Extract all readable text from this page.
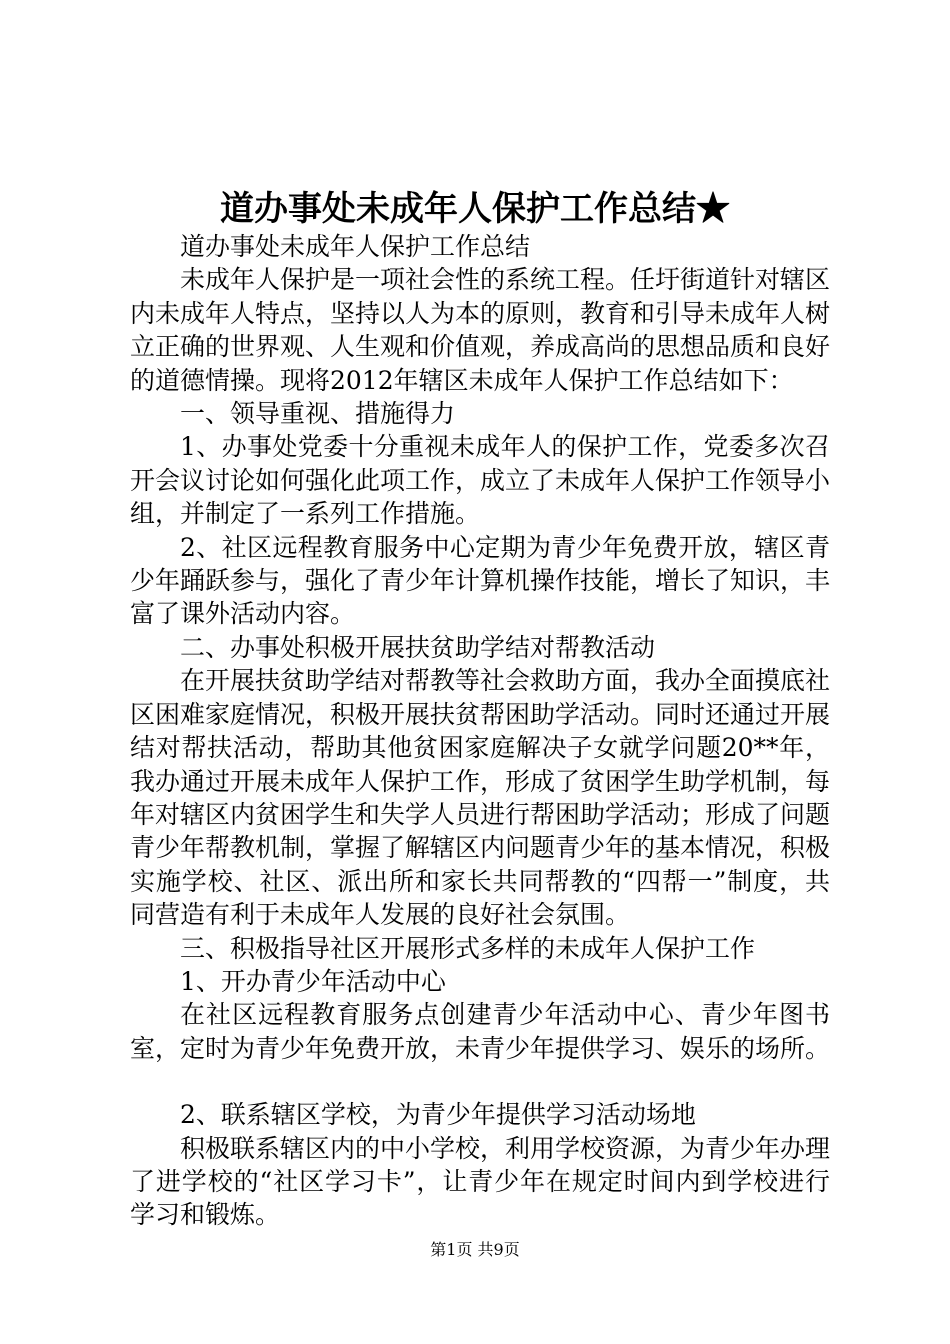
道办事处未成年人保护工作总结★

道办事处未成年人保护工作总结

未成年人保护是一项社会性的系统工程。任圩街道针对辖区内未成年人特点，坚持以人为本的原则，教育和引导未成年人树立正确的世界观、人生观和价值观，养成高尚的思想品质和良好的道德情操。现将2012年辖区未成年人保护工作总结如下：

一、领导重视、措施得力

1、办事处党委十分重视未成年人的保护工作，党委多次召开会议讨论如何强化此项工作，成立了未成年人保护工作领导小组，并制定了一系列工作措施。

2、社区远程教育服务中心定期为青少年免费开放，辖区青少年踊跃参与，强化了青少年计算机操作技能，增长了知识，丰富了课外活动内容。

二、办事处积极开展扶贫助学结对帮教活动

在开展扶贫助学结对帮教等社会救助方面，我办全面摸底社区困难家庭情况，积极开展扶贫帮困助学活动。同时还通过开展结对帮扶活动，帮助其他贫困家庭解决子女就学问题20**年，我办通过开展未成年人保护工作，形成了贫困学生助学机制，每年对辖区内贫困学生和失学人员进行帮困助学活动；形成了问题青少年帮教机制，掌握了解辖区内问题青少年的基本情况，积极实施学校、社区、派出所和家长共同帮教的“四帮一”制度，共同营造有利于未成年人发展的良好社会氛围。

三、积极指导社区开展形式多样的未成年人保护工作

1、开办青少年活动中心

在社区远程教育服务点创建青少年活动中心、青少年图书室，定时为青少年免费开放，未青少年提供学习、娱乐的场所。

2、联系辖区学校，为青少年提供学习活动场地

积极联系辖区内的中小学校，利用学校资源，为青少年办理了进学校的“社区学习卡”，让青少年在规定时间内到学校进行学习和锻炼。

第1页 共9页
